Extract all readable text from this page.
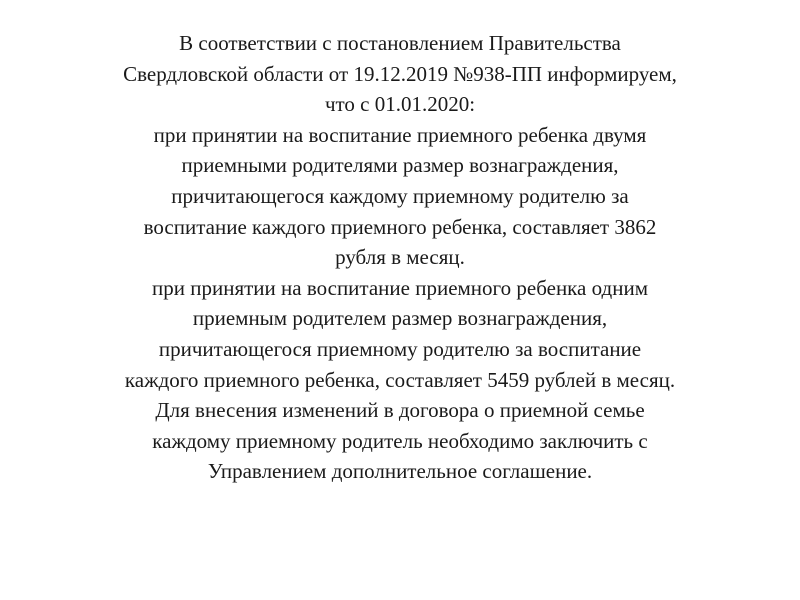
В соответствии с постановлением Правительства
Свердловской области от 19.12.2019 №938-ПП информируем,
что с 01.01.2020:
при принятии на воспитание приемного ребенка двумя
приемными родителями размер вознаграждения,
причитающегося каждому приемному родителю за
воспитание каждого приемного ребенка, составляет 3862
рубля в месяц.
при принятии на воспитание приемного ребенка одним
приемным родителем размер вознаграждения,
причитающегося приемному родителю за воспитание
каждого приемного ребенка, составляет 5459 рублей в месяц.
Для внесения изменений в договора о приемной семье
каждому приемному родитель необходимо заключить с
Управлением дополнительное соглашение.
